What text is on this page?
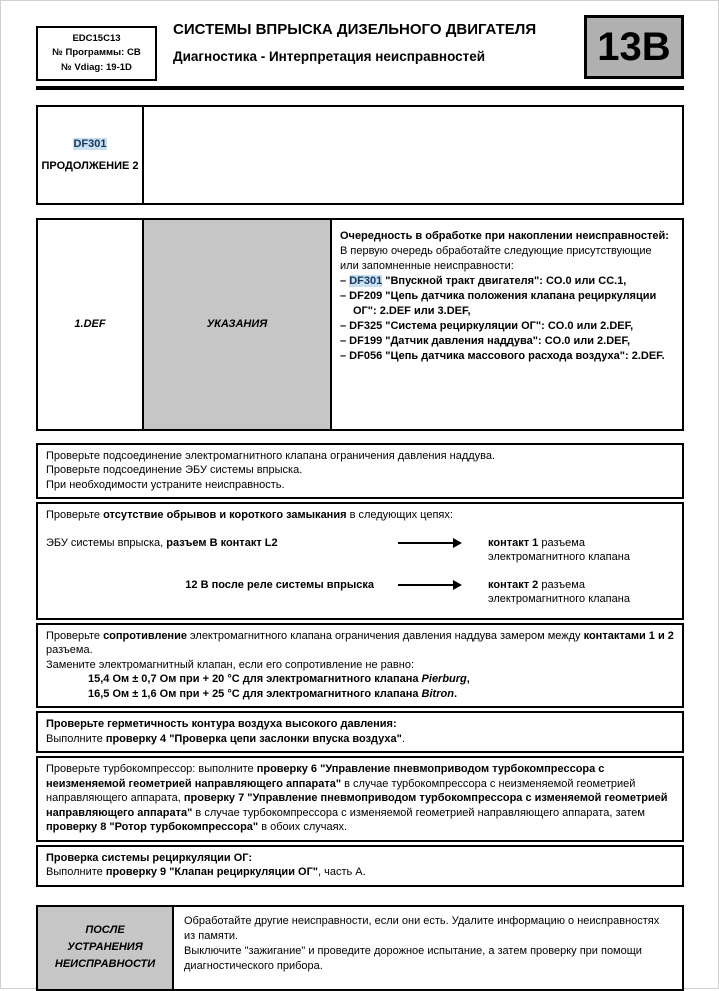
EDC15C13
№ Программы: CB
№ Vdiag: 19-1D
СИСТЕМЫ ВПРЫСКА ДИЗЕЛЬНОГО ДВИГАТЕЛЯ
Диагностика - Интерпретация неисправностей	13B
DF301
ПРОДОЛЖЕНИЕ 2
1.DEF	УКАЗАНИЯ

Очередность в обработке при накоплении неисправностей:

В первую очередь обработайте следующие присутствующие или запомненные неисправности:

– DF301 "Впускной тракт двигателя": CO.0 или CC.1,
– DF209 "Цепь датчика положения клапана рециркуляции ОГ": 2.DEF или 3.DEF,
– DF325 "Система рециркуляции ОГ": CO.0 или 2.DEF,
– DF199 "Датчик давления наддува": CO.0 или 2.DEF,
– DF056 "Цепь датчика массового расхода воздуха": 2.DEF.

Проверьте подсоединение электромагнитного клапана ограничения давления наддува.

Проверьте подсоединение ЭБУ системы впрыска.

При необходимости устраните неисправность.

Проверьте отсутствие обрывов и короткого замыкания в следующих цепях:

ЭБУ системы впрыска, разъем B контакт L2	контакт 1 разъема электромагнитного клапана
12 В после реле системы впрыска	контакт 2 разъема электромагнитного клапана

Проверьте сопротивление электромагнитного клапана ограничения давления наддува замером между контактами 1 и 2 разъема.

Замените электромагнитный клапан, если его сопротивление не равно:

15,4 Ом ± 0,7 Ом при + 20 °C для электромагнитного клапана Pierburg,

16,5 Ом ± 1,6 Ом при + 25 °C для электромагнитного клапана Bitron.

Проверьте герметичность контура воздуха высокого давления:

Выполните проверку 4 "Проверка цепи заслонки впуска воздуха".

Проверьте турбокомпрессор: выполните проверку 6 "Управление пневмоприводом турбокомпрессора с неизменяемой геометрией направляющего аппарата" в случае турбокомпрессора с неизменяемой геометрией направляющего аппарата, проверку 7 "Управление пневмоприводом турбокомпрессора с изменяемой геометрией направляющего аппарата" в случае турбокомпрессора с изменяемой геометрией направляющего аппарата, затем проверку 8 "Ротор турбокомпрессора" в обоих случаях.

Проверка системы рециркуляции ОГ:

Выполните проверку 9 "Клапан рециркуляции ОГ", часть A.

ПОСЛЕ УСТРАНЕНИЯ НЕИСПРАВНОСТИ

Обработайте другие неисправности, если они есть. Удалите информацию о неисправностях из памяти.

Выключите "зажигание" и проведите дорожное испытание, а затем проверку при помощи диагностического прибора.
